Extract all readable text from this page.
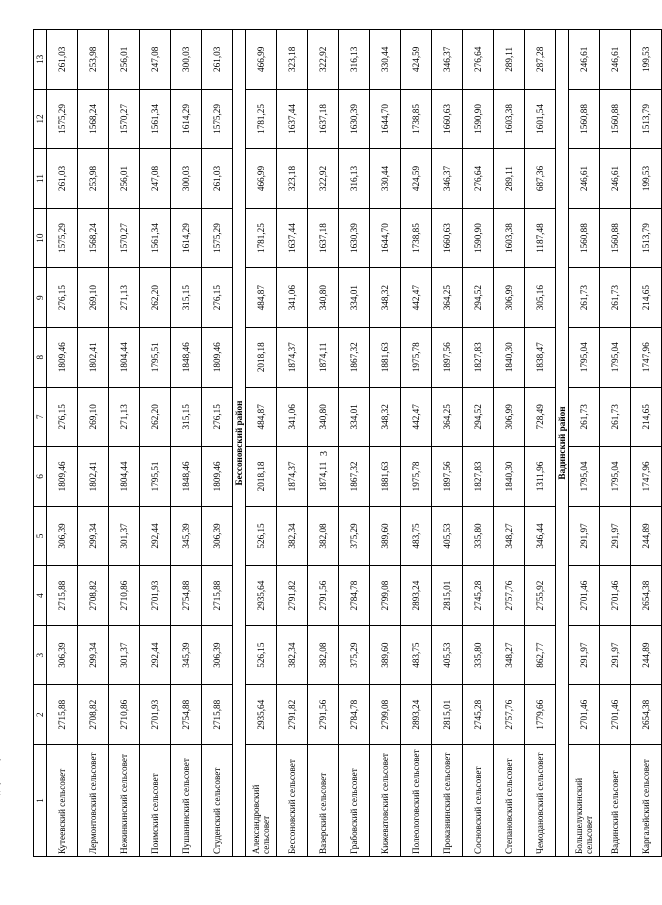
3
1	2	3	4	5	6	7	8	9	10	11	12	13
Кутеевский сельсовет	2715,88	306,39	2715,88	306,39	1809,46	276,15	1809,46	276,15	1575,29	261,03	1575,29	261,03
Лермонтовский сельсовет	2708,82	299,34	2708,82	299,34	1802,41	269,10	1802,41	269,10	1568,24	253,98	1568,24	253,98
Нежинкинский сельсовет	2710,86	301,37	2710,86	301,37	1804,44	271,13	1804,44	271,13	1570,27	256,01	1570,27	256,01
Поимский сельсовет	2701,93	292,44	2701,93	292,44	1795,51	262,20	1795,51	262,20	1561,34	247,08	1561,34	247,08
Пушанинский сельсовет	2754,88	345,39	2754,88	345,39	1848,46	315,15	1848,46	315,15	1614,29	300,03	1614,29	300,03
Студенский сельсовет	2715,88	306,39	2715,88	306,39	1809,46	276,15	1809,46	276,15	1575,29	261,03	1575,29	261,03
Бессоновский район												
Александровский сельсовет	2935,64	526,15	2935,64	526,15	2018,18	484,87	2018,18	484,87	1781,25	466,99	1781,25	466,99
Бессоновский сельсовет	2791,82	382,34	2791,82	382,34	1874,37	341,06	1874,37	341,06	1637,44	323,18	1637,44	323,18
Вазерский сельсовет	2791,56	382,08	2791,56	382,08	1874,11	340,80	1874,11	340,80	1637,18	322,92	1637,18	322,92
Грабовский сельсовет	2784,78	375,29	2784,78	375,29	1867,32	334,01	1867,32	334,01	1630,39	316,13	1630,39	316,13
Кижеватовский сельсовет	2799,08	389,60	2799,08	389,60	1881,63	348,32	1881,63	348,32	1644,70	330,44	1644,70	330,44
Полеологовский сельсовет	2893,24	483,75	2893,24	483,75	1975,78	442,47	1975,78	442,47	1738,85	424,59	1738,85	424,59
Проказнинский сельсовет	2815,01	405,53	2815,01	405,53	1897,56	364,25	1897,56	364,25	1660,63	346,37	1660,63	346,37
Сосновский сельсовет	2745,28	335,80	2745,28	335,80	1827,83	294,52	1827,83	294,52	1590,90	276,64	1590,90	276,64
Степановский сельсовет	2757,76	348,27	2757,76	348,27	1840,30	306,99	1840,30	306,99	1603,38	289,11	1603,38	289,11
Чемодановский сельсовет	1779,66	862,77	2755,92	346,44	1311,96	728,49	1838,47	305,16	1187,48	687,36	1601,54	287,28
Вадинский район												
Большелуккинский сельсовет	2701,46	291,97	2701,46	291,97	1795,04	261,73	1795,04	261,73	1560,88	246,61	1560,88	246,61
Вадинский сельсовет	2701,46	291,97	2701,46	291,97	1795,04	261,73	1795,04	261,73	1560,88	246,61	1560,88	246,61
Каргалейский сельсовет	2654,38	244,89	2654,38	244,89	1747,96	214,65	1747,96	214,65	1513,79	199,53	1513,79	199,53
